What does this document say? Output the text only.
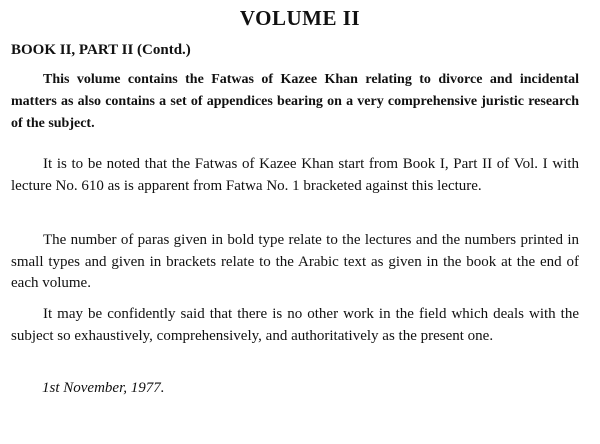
VOLUME II
BOOK II, PART II (Contd.)

This volume contains the Fatwas of Kazee Khan relating to divorce and incidental matters as also contains a set of appendices bearing on a very comprehensive juristic research of the subject.

It is to be noted that the Fatwas of Kazee Khan start from Book I, Part II of Vol. I with lecture No. 610 as is apparent from Fatwa No. 1 bracketed against this lecture.

The number of paras given in bold type relate to the lectures and the numbers printed in small types and given in brackets relate to the Arabic text as given in the book at the end of each volume.

It may be confidently said that there is no other work in the field which deals with the subject so exhaustively, comprehensively, and authoritatively as the present one.

1st November, 1977.
